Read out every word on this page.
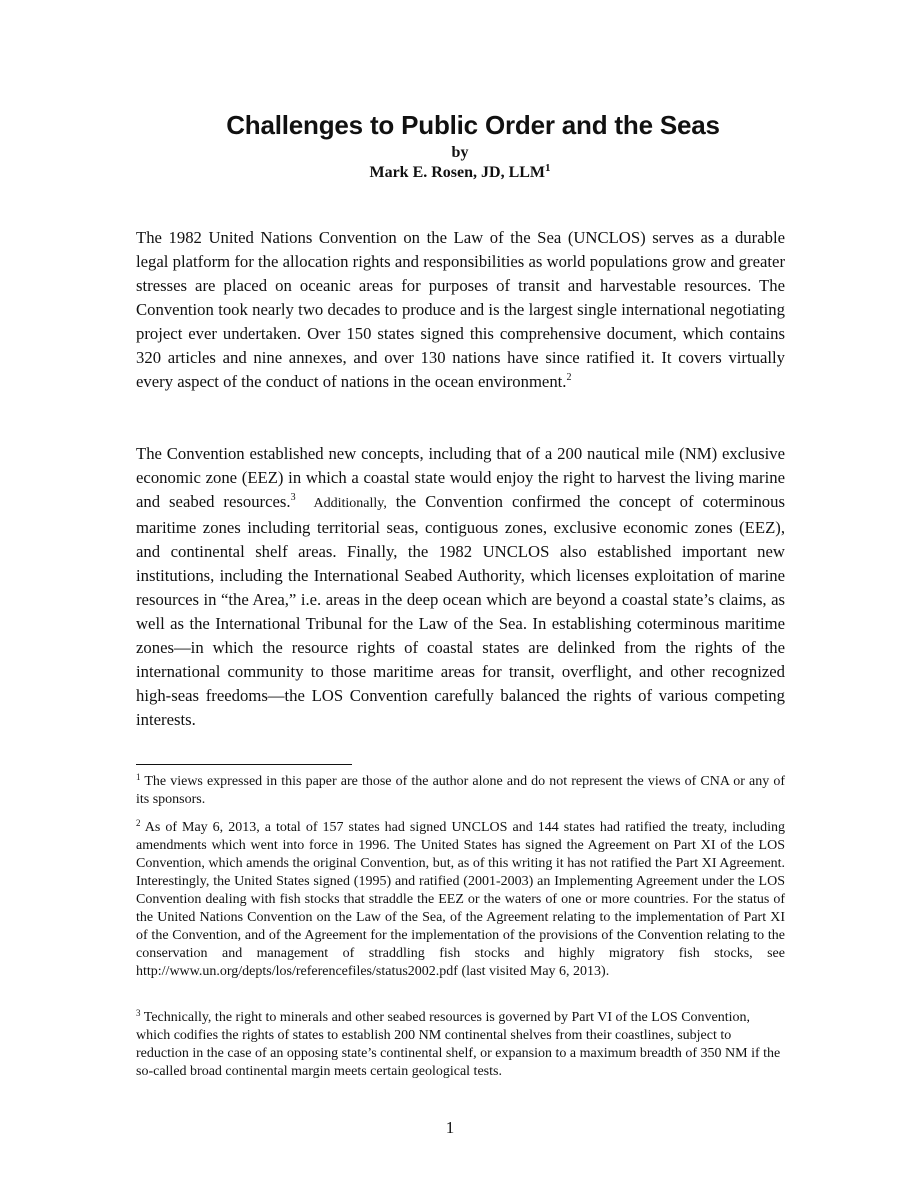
Challenges to Public Order and the Seas
by
Mark E. Rosen, JD, LLM$^1$

The 1982 United Nations Convention on the Law of the Sea (UNCLOS) serves as a durable legal platform for the allocation rights and responsibilities as world populations grow and greater stresses are placed on oceanic areas for purposes of transit and harvestable resources. The Convention took nearly two decades to produce and is the largest single international negotiating project ever undertaken. Over 150 states signed this comprehensive document, which contains 320 articles and nine annexes, and over 130 nations have since ratified it. It covers virtually every aspect of the conduct of nations in the ocean environment.$^2$

The Convention established new concepts, including that of a 200 nautical mile (NM) exclusive economic zone (EEZ) in which a coastal state would enjoy the right to harvest the living marine and seabed resources.$^3$ Additionally, the Convention confirmed the concept of coterminous maritime zones including territorial seas, contiguous zones, exclusive economic zones (EEZ), and continental shelf areas. Finally, the 1982 UNCLOS also established important new institutions, including the International Seabed Authority, which licenses exploitation of marine resources in “the Area,” i.e. areas in the deep ocean which are beyond a coastal state’s claims, as well as the International Tribunal for the Law of the Sea. In establishing coterminous maritime zones—in which the resource rights of coastal states are delinked from the rights of the international community to those maritime areas for transit, overflight, and other recognized high-seas freedoms—the LOS Convention carefully balanced the rights of various competing interests.

$^1$ The views expressed in this paper are those of the author alone and do not represent the views of CNA or any of its sponsors.

$^2$ As of May 6, 2013, a total of 157 states had signed UNCLOS and 144 states had ratified the treaty, including amendments which went into force in 1996. The United States has signed the Agreement on Part XI of the LOS Convention, which amends the original Convention, but, as of this writing it has not ratified the Part XI Agreement. Interestingly, the United States signed (1995) and ratified (2001-2003) an Implementing Agreement under the LOS Convention dealing with fish stocks that straddle the EEZ or the waters of one or more countries. For the status of the United Nations Convention on the Law of the Sea, of the Agreement relating to the implementation of Part XI of the Convention, and of the Agreement for the implementation of the provisions of the Convention relating to the conservation and management of straddling fish stocks and highly migratory fish stocks, see http://www.un.org/depts/los/referencefiles/status2002.pdf (last visited May 6, 2013).

$^3$ Technically, the right to minerals and other seabed resources is governed by Part VI of the LOS Convention, which codifies the rights of states to establish 200 NM continental shelves from their coastlines, subject to reduction in the case of an opposing state’s continental shelf, or expansion to a maximum breadth of 350 NM if the so-called broad continental margin meets certain geological tests.

1
